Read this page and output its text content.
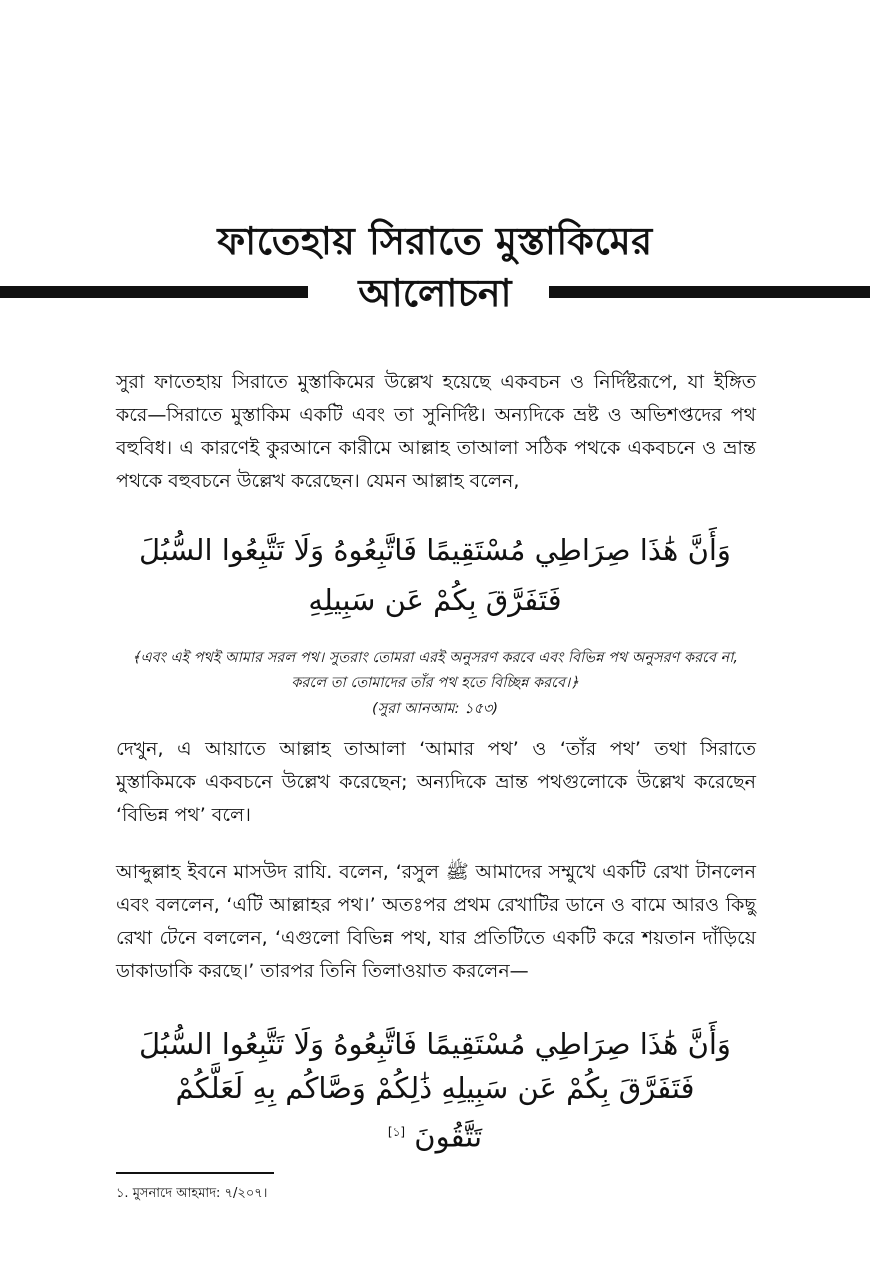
ফাতেহায় সিরাতে মুস্তাকিমের
আলোচনা
সুরা ফাতেহায় সিরাতে মুস্তাকিমের উল্লেখ হয়েছে একবচন ও নির্দিষ্টরূপে, যা ইঙ্গিত করে—সিরাতে মুস্তাকিম একটি এবং তা সুনির্দিষ্ট। অন্যদিকে ভ্রষ্ট ও অভিশপ্তদের পথ বহুবিধ। এ কারণেই কুরআনে কারীমে আল্লাহ তাআলা সঠিক পথকে একবচনে ও ভ্রান্ত পথকে বহুবচনে উল্লেখ করেছেন। যেমন আল্লাহ বলেন,
وَأَنَّ هَٰذَا صِرَاطِي مُسْتَقِيمًا فَاتَّبِعُوهُ وَلَا تَتَّبِعُوا السُّبُلَ
فَتَفَرَّقَ بِكُمْ عَن سَبِيلِهِ
﴾এবং এই পথই আমার সরল পথ। সুতরাং তোমরা এরই অনুসরণ করবে এবং বিভিন্ন পথ অনুসরণ করবে না, করলে তা তোমাদের তাঁর পথ হতে বিচ্ছিন্ন করবে।﴿
(সুরা আনআম: ১৫৩)
দেখুন, এ আয়াতে আল্লাহ তাআলা ‘আমার পথ’ ও ‘তাঁর পথ’ তথা সিরাতে মুস্তাকিমকে একবচনে উল্লেখ করেছেন; অন্যদিকে ভ্রান্ত পথগুলোকে উল্লেখ করেছেন ‘বিভিন্ন পথ’ বলে।
আব্দুল্লাহ ইবনে মাসউদ রাযি. বলেন, ‘রসুল ﷺ আমাদের সম্মুখে একটি রেখা টানলেন এবং বললেন, ‘এটি আল্লাহর পথ।’ অতঃপর প্রথম রেখাটির ডানে ও বামে আরও কিছু রেখা টেনে বললেন, ‘এগুলো বিভিন্ন পথ, যার প্রতিটিতে একটি করে শয়তান দাঁড়িয়ে ডাকাডাকি করছে।’ তারপর তিনি তিলাওয়াত করলেন—
وَأَنَّ هَٰذَا صِرَاطِي مُسْتَقِيمًا فَاتَّبِعُوهُ وَلَا تَتَّبِعُوا السُّبُلَ
فَتَفَرَّقَ بِكُمْ عَن سَبِيلِهِ ذَٰلِكُمْ وَصَّاكُم بِهِ لَعَلَّكُمْ
تَتَّقُونَ [১]
১. মুসনাদে আহমাদ: ৭/২০৭।
